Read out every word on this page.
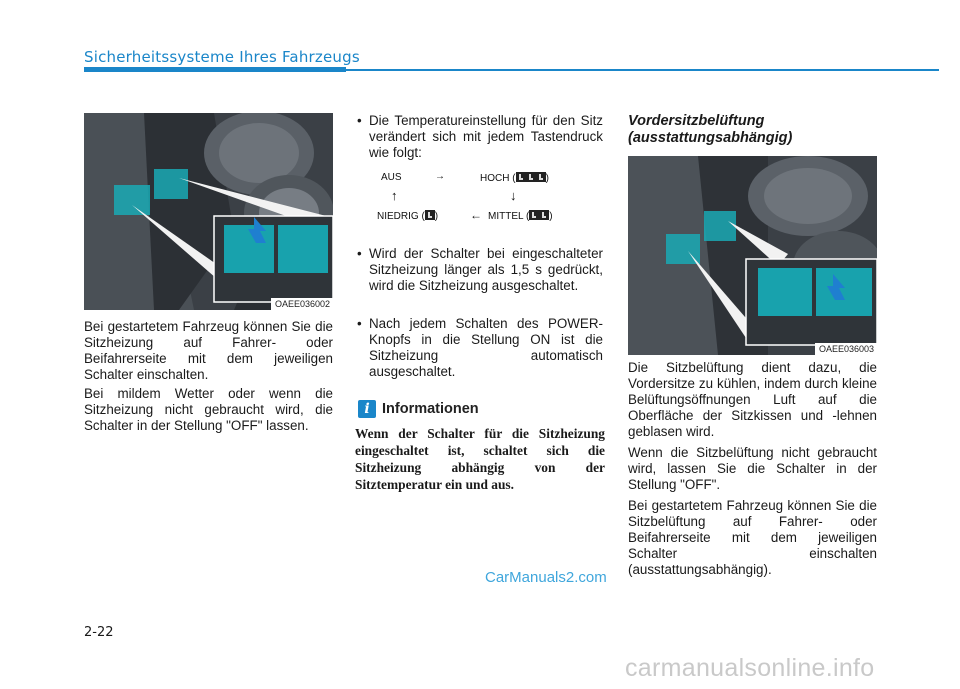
Sicherheitssysteme Ihres Fahrzeugs
OAEE036002

Bei gestartetem Fahrzeug können Sie die Sitzheizung auf Fahrer- oder Beifahrerseite mit dem jeweiligen Schalter einschalten.

Bei mildem Wetter oder wenn die Sitzheizung nicht gebraucht wird, die Schalter in der Stellung "OFF" lassen.

• Die Temperatureinstellung für den Sitz verändert sich mit jedem Tastendruck wie folgt:

AUS	→	HOCH (	)
↑	↓
NIEDRIG ( )	← MITTEL ( )

• Wird der Schalter bei eingeschalteter Sitzheizung länger als 1,5 s gedrückt, wird die Sitzheizung ausgeschaltet.

• Nach jedem Schalten des POWER-Knopfs in die Stellung ON ist die Sitzheizung automatisch ausgeschaltet.

i Informationen

Wenn der Schalter für die Sitzheizung eingeschaltet ist, schaltet sich die Sitzheizung abhängig von der Sitztemperatur ein und aus.

CarManuals2.com

Vordersitzbelüftung (ausstattungsabhängig)

OAEE036003

Die Sitzbelüftung dient dazu, die Vordersitze zu kühlen, indem durch kleine Belüftungsöffnungen Luft auf die Oberfläche der Sitzkissen und -lehnen geblasen wird.

Wenn die Sitzbelüftung nicht gebraucht wird, lassen Sie die Schalter in der Stellung "OFF".

Bei gestartetem Fahrzeug können Sie die Sitzbelüftung auf Fahrer- oder Beifahrerseite mit dem jeweiligen Schalter einschalten (ausstattungsabhängig).

2-22
carmanualsonline.info
